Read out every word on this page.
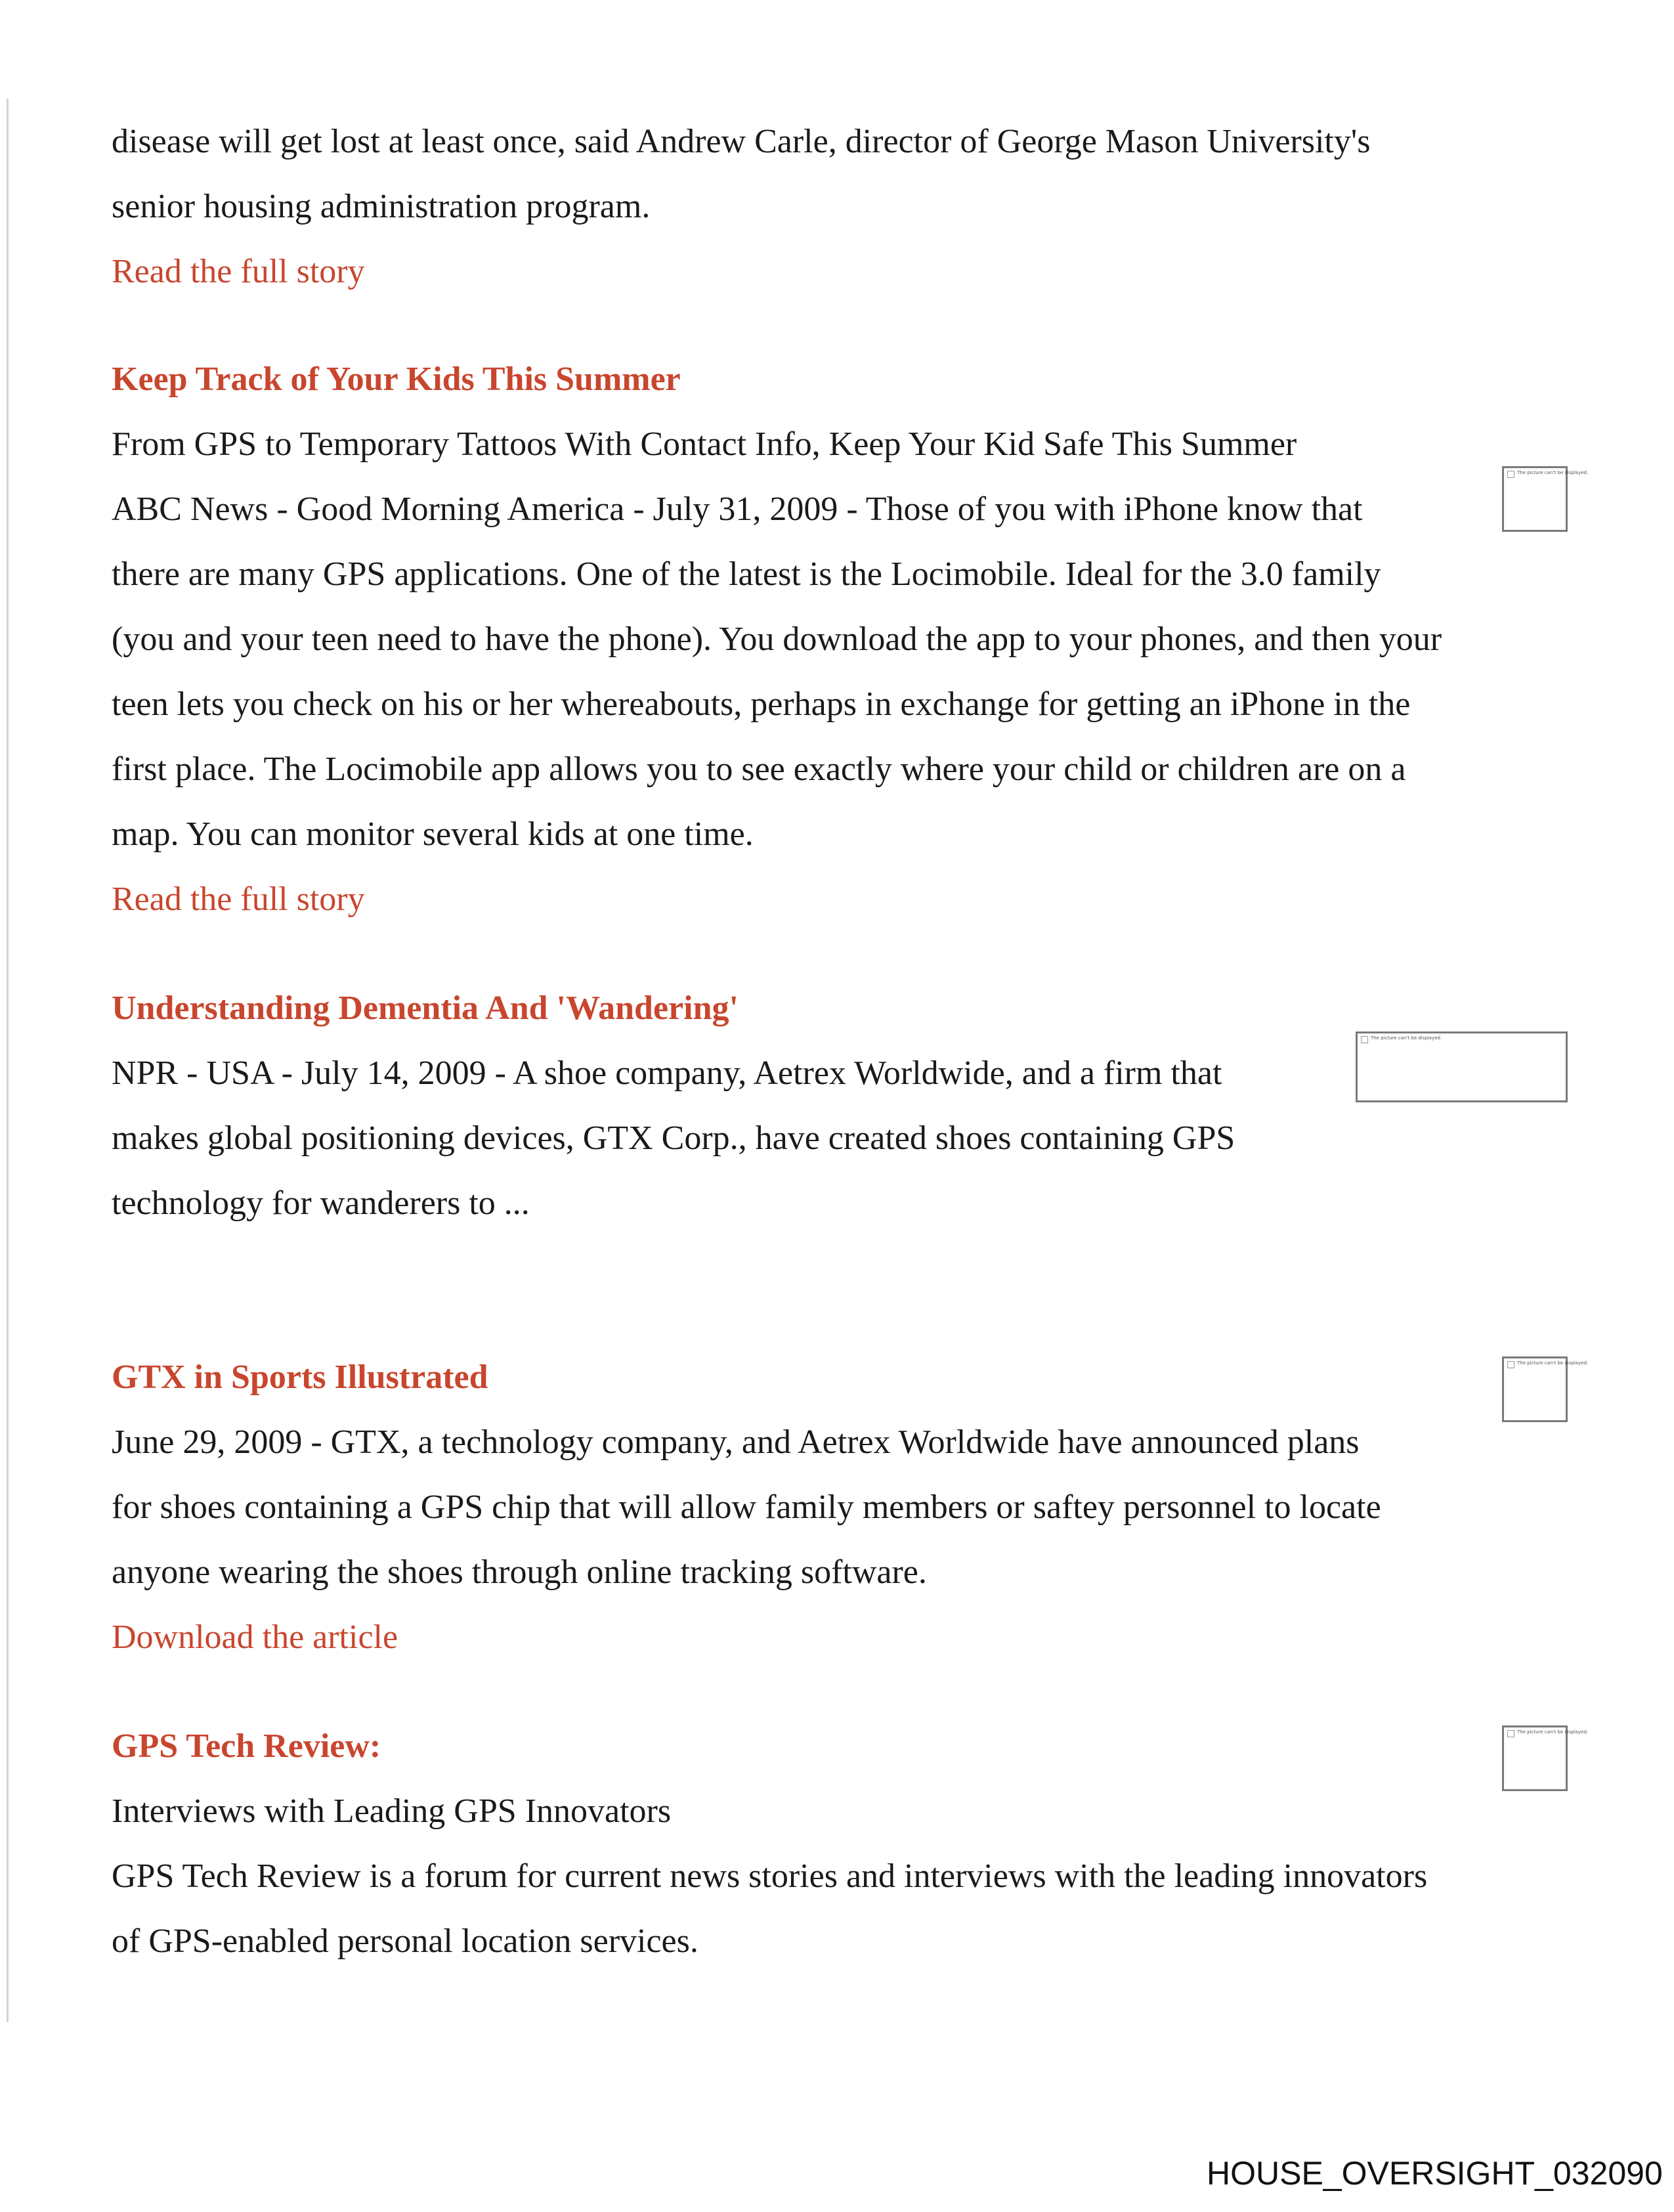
disease will get lost at least once, said Andrew Carle, director of George Mason University's
senior housing administration program.
Read the full story
Keep Track of Your Kids This Summer
From GPS to Temporary Tattoos With Contact Info, Keep Your Kid Safe This Summer
ABC News - Good Morning America - July 31, 2009 - Those of you with iPhone know that
there are many GPS applications. One of the latest is the Locimobile. Ideal for the 3.0 family
(you and your teen need to have the phone). You download the app to your phones, and then your
teen lets you check on his or her whereabouts, perhaps in exchange for getting an iPhone in the
first place. The Locimobile app allows you to see exactly where your child or children are on a
map. You can monitor several kids at one time.
Read the full story
The picture can't be displayed.
Understanding Dementia And 'Wandering'
NPR - USA - July 14, 2009 - A shoe company, Aetrex Worldwide, and a firm that
makes global positioning devices, GTX Corp., have created shoes containing GPS
technology for wanderers to ...
The picture can't be displayed.
GTX in Sports Illustrated
June 29, 2009 - GTX, a technology company, and Aetrex Worldwide have announced plans
for shoes containing a GPS chip that will allow family members or saftey personnel to locate
anyone wearing the shoes through online tracking software.
Download the article
The picture can't be displayed.
GPS Tech Review:
Interviews with Leading GPS Innovators
GPS Tech Review is a forum for current news stories and interviews with the leading innovators
of GPS-enabled personal location services.
The picture can't be displayed.
HOUSE_OVERSIGHT_032090
